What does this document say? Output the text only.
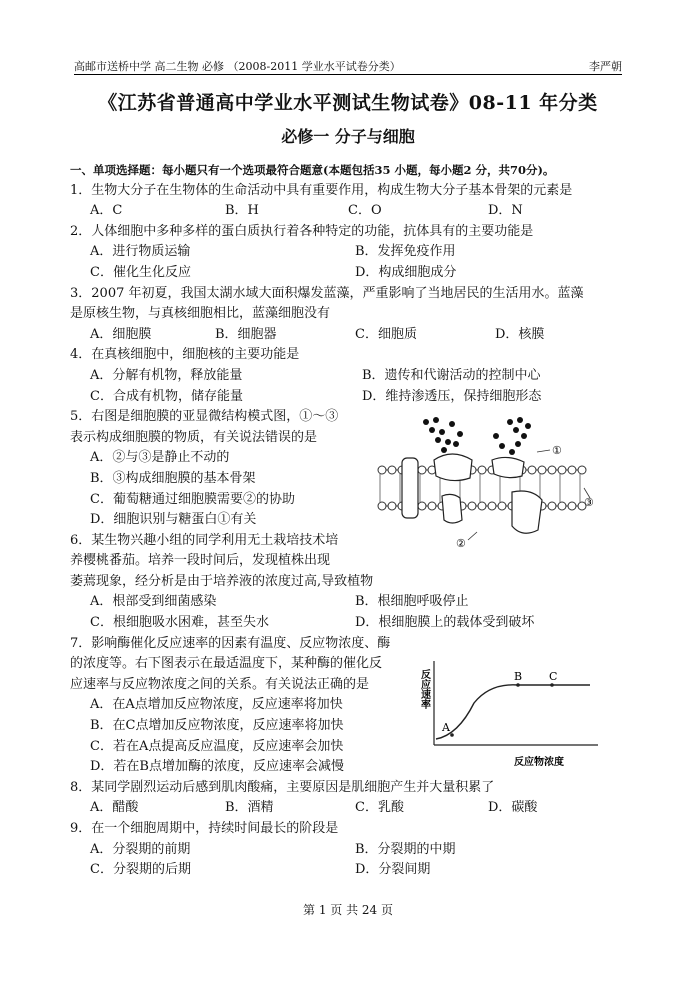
高邮市送桥中学 高二生物 必修 （2008-2011 学业水平试卷分类）	李严朝
《江苏省普通高中学业水平测试生物试卷》08-11 年分类
必修一 分子与细胞
一、单项选择题：每小题只有一个选项最符合题意(本题包括35 小题，每小题2 分，共70分)。
1．生物大分子在生物体的生命活动中具有重要作用，构成生物大分子基本骨架的元素是
A．C	B．H	C．O	D．N
2．人体细胞中多种多样的蛋白质执行着各种特定的功能，抗体具有的主要功能是
A．进行物质运输	B．发挥免疫作用
C．催化生化反应	D．构成细胞成分
3．2007 年初夏，我国太湖水域大面积爆发蓝藻，严重影响了当地居民的生活用水。蓝藻
是原核生物，与真核细胞相比，蓝藻细胞没有
A．细胞膜	B．细胞器	C．细胞质	D．核膜
4．在真核细胞中，细胞核的主要功能是
A．分解有机物，释放能量	B．遗传和代谢活动的控制中心
C．合成有机物，储存能量	D．维持渗透压，保持细胞形态
5．右图是细胞膜的亚显微结构模式图，①～③
表示构成细胞膜的物质，有关说法错误的是
A．②与③是静止不动的
B．③构成细胞膜的基本骨架
C．葡萄糖通过细胞膜需要②的协助
D．细胞识别与糖蛋白①有关
6．某生物兴趣小组的同学利用无土栽培技术培
养樱桃番茄。培养一段时间后，发现植株出现
萎蔫现象，经分析是由于培养液的浓度过高,导致植物
A．根部受到细菌感染	B．根细胞呼吸停止
C．根细胞吸水困难，甚至失水	D．根细胞膜上的载体受到破坏
7．影响酶催化反应速率的因素有温度、反应物浓度、酶
的浓度等。右下图表示在最适温度下，某种酶的催化反
应速率与反应物浓度之间的关系。有关说法正确的是
A．在A点增加反应物浓度，反应速率将加快
B．在C点增加反应物浓度，反应速率将加快
C．若在A点提高反应温度，反应速率会加快
D．若在B点增加酶的浓度，反应速率会减慢
8．某同学剧烈运动后感到肌肉酸痛，主要原因是肌细胞产生并大量积累了
A．醋酸	B．酒精	C．乳酸	D．碳酸
9．在一个细胞周期中，持续时间最长的阶段是
A．分裂期的前期	B．分裂期的中期
C．分裂期的后期	D．分裂间期
①
②
③
A
B C
反应速率
反应物浓度
第 1 页 共 24 页
